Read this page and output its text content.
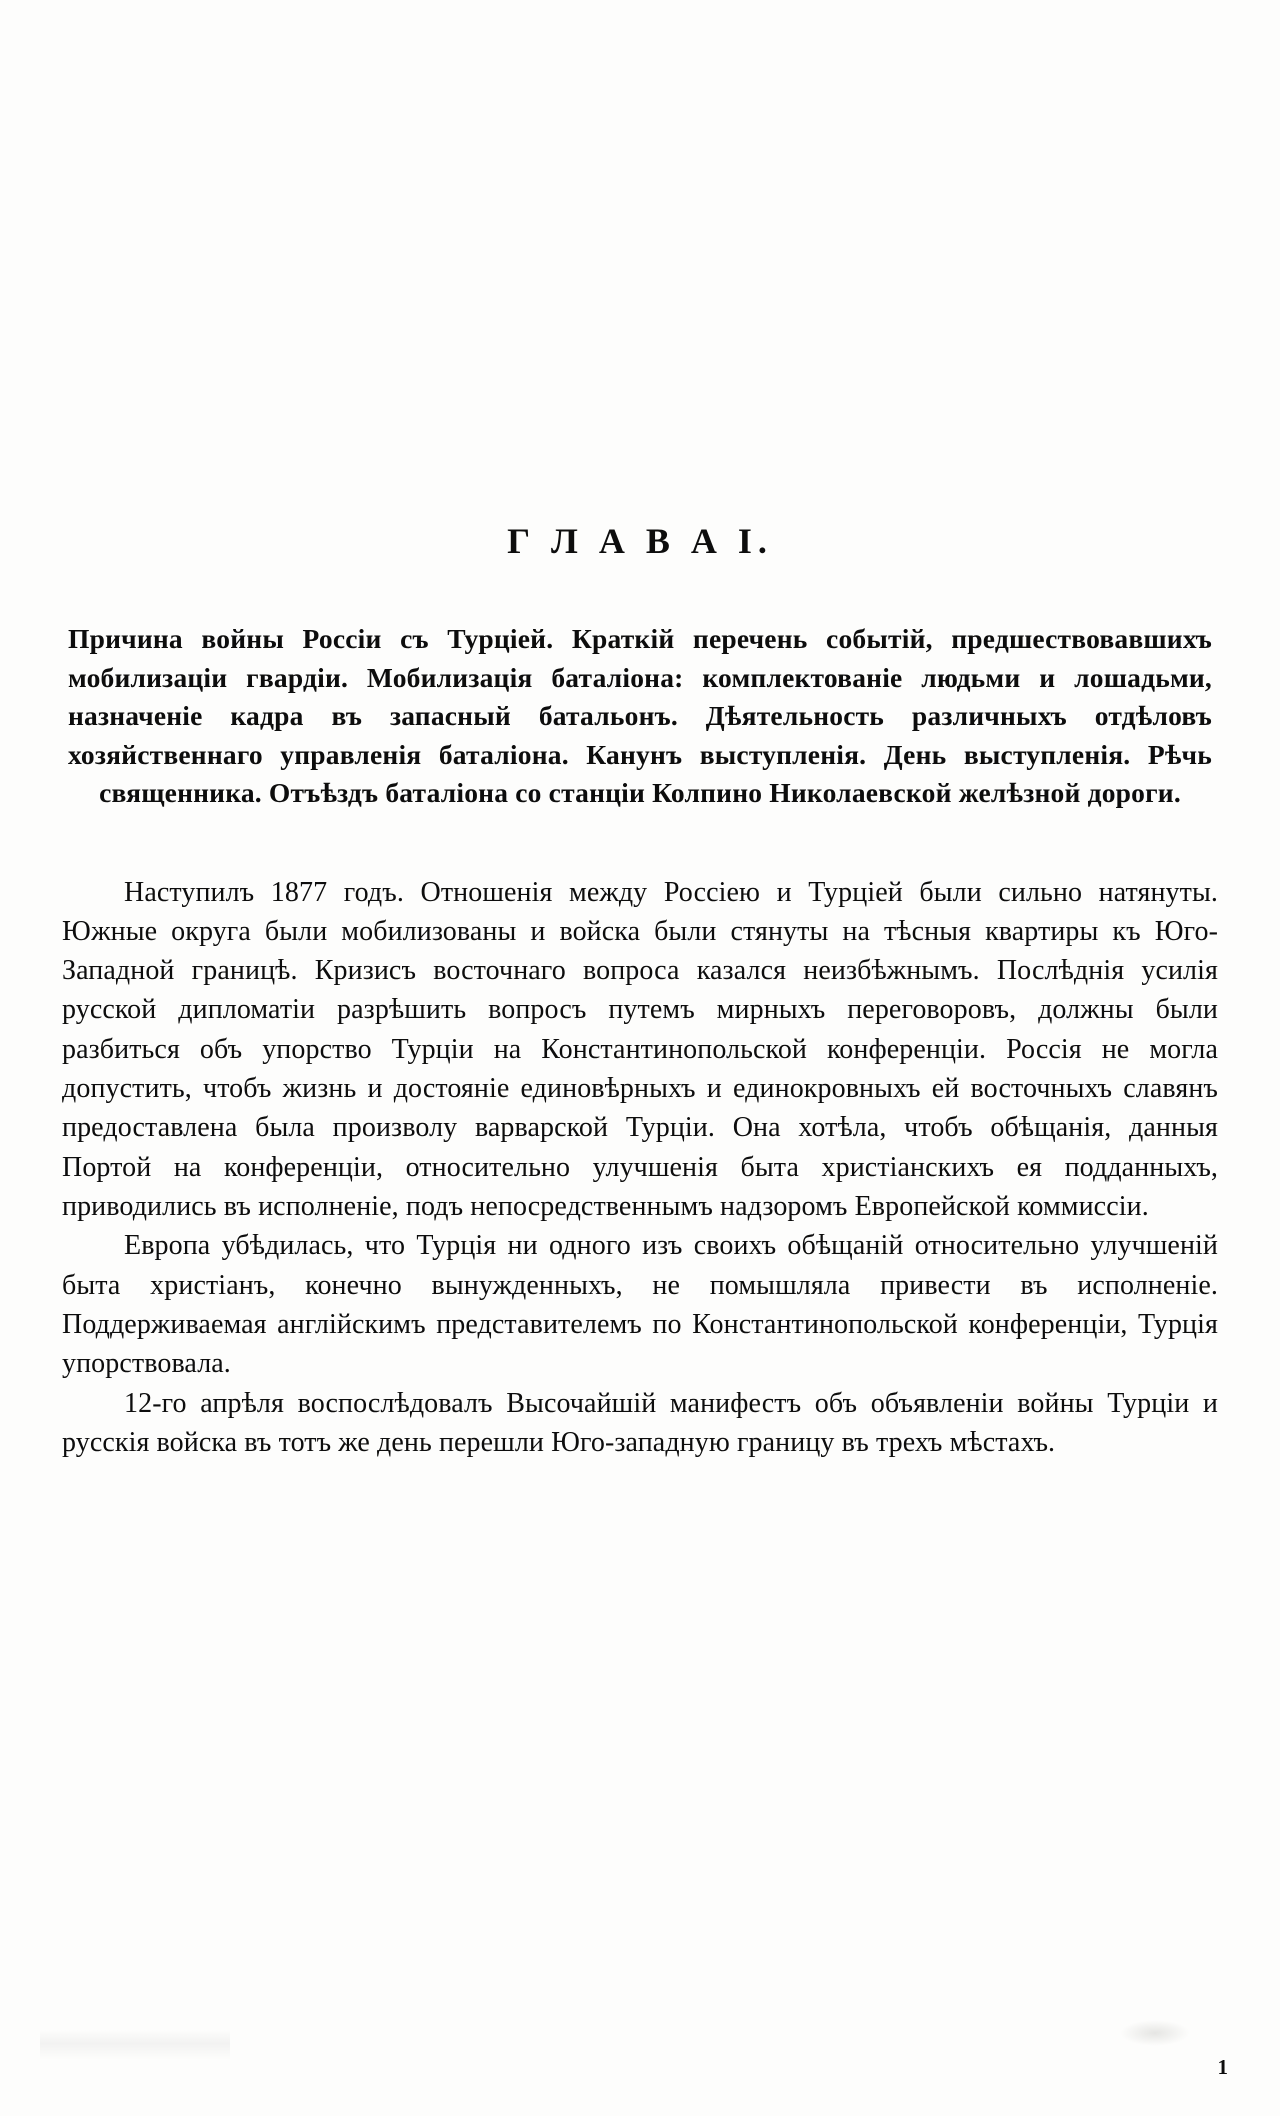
Г Л А В А I.

Причина войны Россiи съ Турцiей. Краткiй перечень событiй, предшествовавшихъ мобилизацiи гвардiи. Мобилизацiя баталiона: комплектованiе людьми и лошадьми, назначенiе кадра въ запасный батальонъ. Дѣятельность различныхъ отдѣловъ хозяйственнаго управленiя баталiона. Канунъ выступленiя. День выступленiя. Рѣчь священника. Отъѣздъ баталiона со станцiи Колпино Николаевской желѣзной дороги.

Наступилъ 1877 годъ. Отношенiя между Россiею и Турцiей были сильно натянуты. Южные округа были мобилизованы и войска были стянуты на тѣсныя квартиры къ Юго-Западной границѣ. Кризисъ восточнаго вопроса казался неизбѣжнымъ. Послѣднiя усилiя русской дипломатiи разрѣшить вопросъ путемъ мирныхъ переговоровъ, должны были разбиться объ упорство Турцiи на Константинопольской конференцiи. Россiя не могла допустить, чтобъ жизнь и достоянiе единовѣрныхъ и единокровныхъ ей восточныхъ славянъ предоставлена была произволу варварской Турцiи. Она хотѣла, чтобъ обѣщанiя, данныя Портой на конференцiи, относительно улучшенiя быта христiанскихъ ея подданныхъ, приводились въ исполненiе, подъ непосредственнымъ надзоромъ Европейской коммиссiи.

Европа убѣдилась, что Турцiя ни одного изъ своихъ обѣщанiй относительно улучшенiй быта христiанъ, конечно вынужденныхъ, не помышляла привести въ исполненiе. Поддерживаемая англiйскимъ представителемъ по Константинопольской конференцiи, Турцiя упорствовала.

12-го апрѣля воспослѣдовалъ Высочайшiй манифестъ объ объявленiи войны Турцiи и русскiя войска въ тотъ же день перешли Юго-западную границу въ трехъ мѣстахъ.

1
